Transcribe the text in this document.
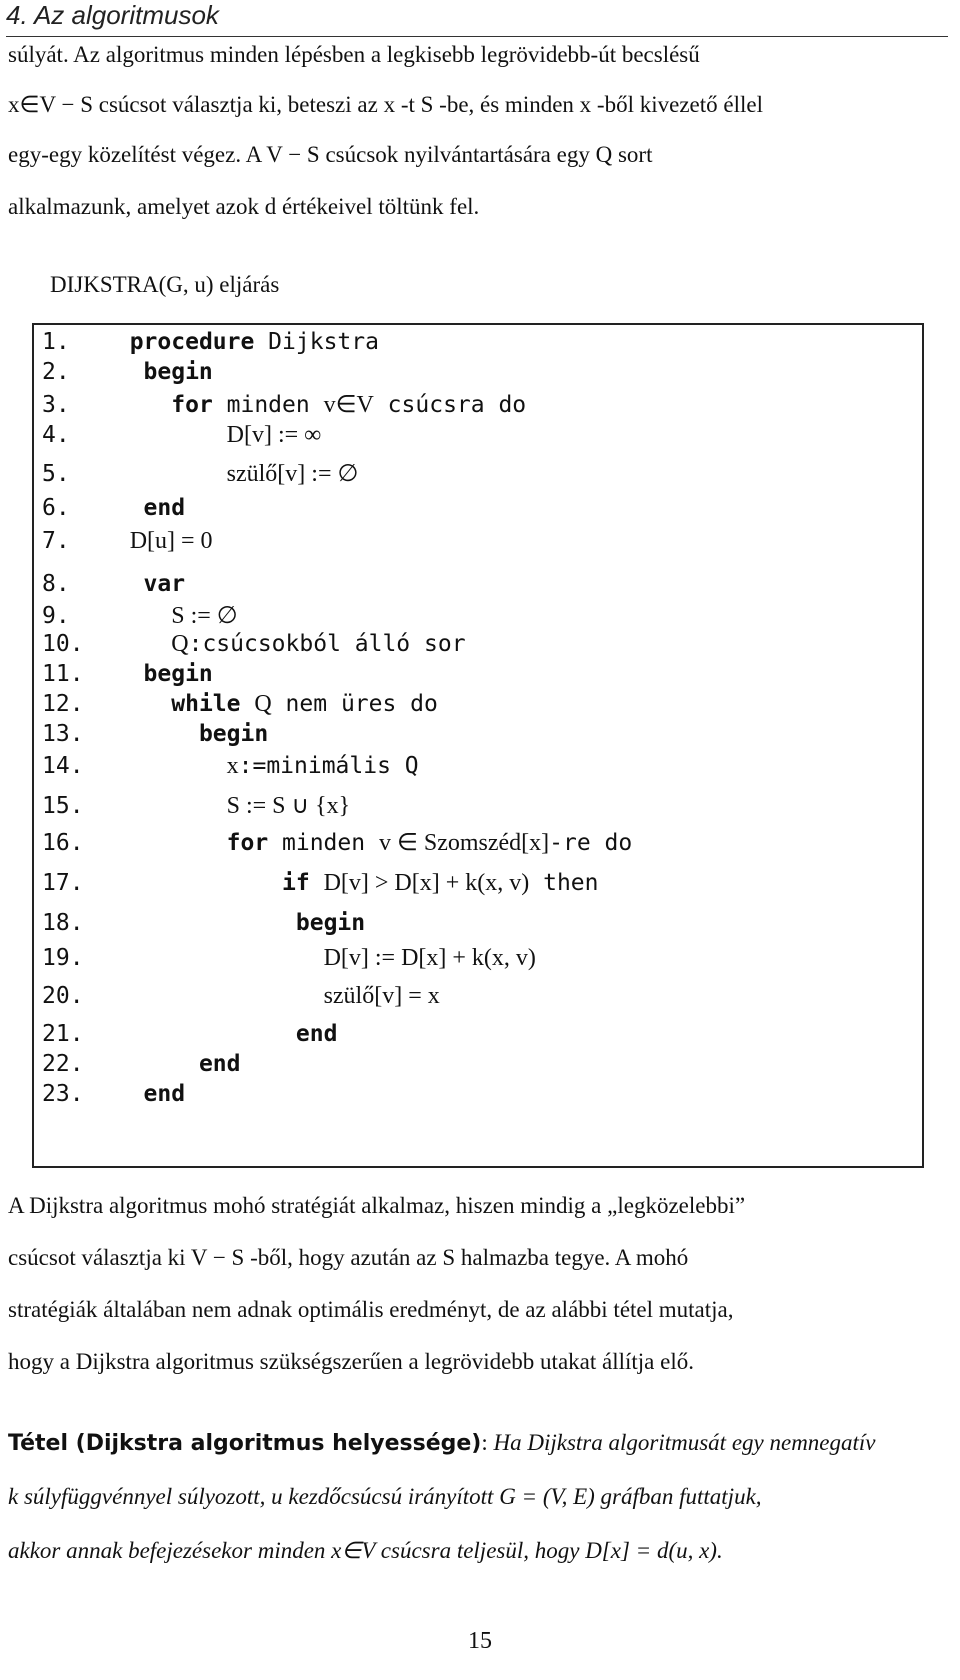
4. Az algoritmusok
súlyát. Az algoritmus minden lépésben a legkisebb legrövidebb-út becslésű
x∈V − S csúcsot választja ki, beteszi az x -t S -be, és minden x -ből kivezető éllel
egy-egy közelítést végez. A V − S csúcsok nyilvántartására egy Q sort
alkalmazunk, amelyet azok d értékeivel töltünk fel.
DIJKSTRA(G, u) eljárás
1.	procedure Dijkstra
2.	begin
3.	for minden v∈V csúcsra do
4.	D[v] := ∞
5.	szülő[v] := ∅
6.	end
7.	D[u] = 0
8.	var
9.	S := ∅
10.	Q:csúcsokból álló sor
11.	begin
12.	while Q nem üres do
13.	begin
14.	x:=minimális Q
15.	S := S ∪ {x}
16.	for minden v ∈ Szomszéd[x]-re do
17.	if D[v] > D[x] + k(x, v) then
18.	begin
19.	D[v] := D[x] + k(x, v)
20.	szülő[v] = x
21.	end
22.	end
23.	end
A Dijkstra algoritmus mohó stratégiát alkalmaz, hiszen mindig a „legközelebbi”
csúcsot választja ki V − S -ből, hogy azután az S halmazba tegye. A mohó
stratégiák általában nem adnak optimális eredményt, de az alábbi tétel mutatja,
hogy a Dijkstra algoritmus szükségszerűen a legrövidebb utakat állítja elő.
Tétel (Dijkstra algoritmus helyessége): Ha Dijkstra algoritmusát egy nemnegatív
k súlyfüggvénnyel súlyozott, u kezdőcsúcsú irányított G = (V, E) gráfban futtatjuk,
akkor annak befejezésekor minden x∈V csúcsra teljesül, hogy D[x] = d(u, x).
15
